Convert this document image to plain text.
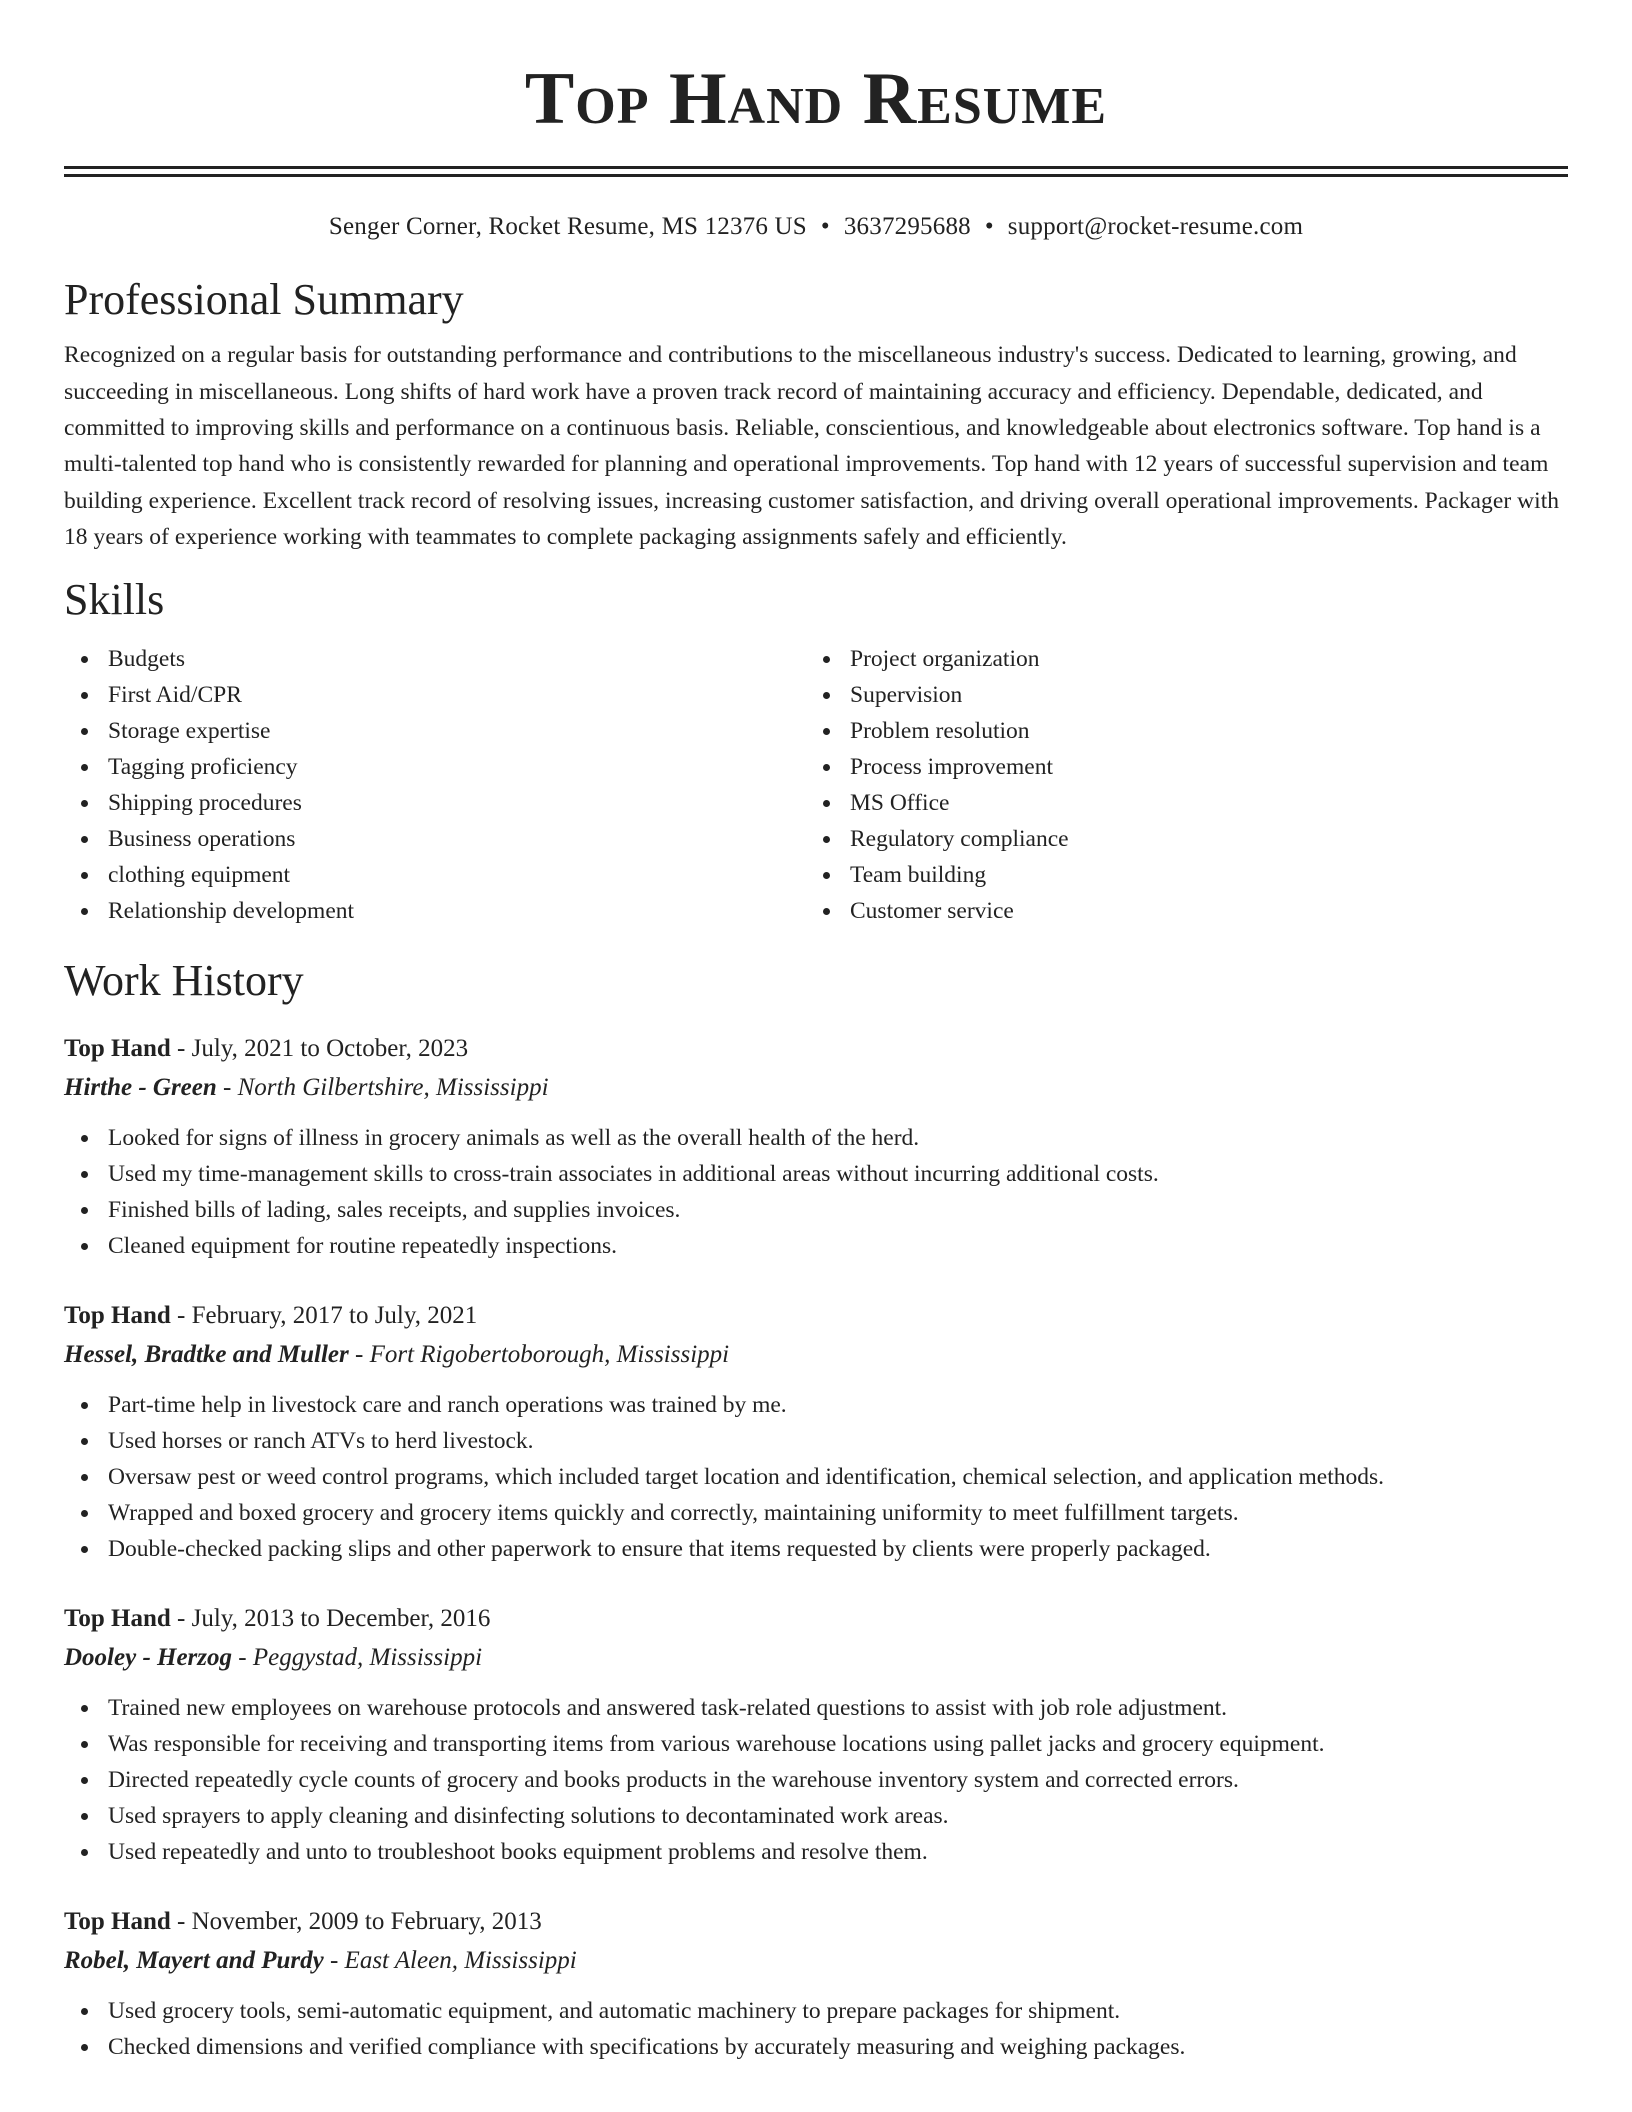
Top Hand Resume
Senger Corner, Rocket Resume, MS 12376 US • 3637295688 • support@rocket-resume.com
Professional Summary

Recognized on a regular basis for outstanding performance and contributions to the miscellaneous industry's success. Dedicated to learning, growing, and succeeding in miscellaneous. Long shifts of hard work have a proven track record of maintaining accuracy and efficiency. Dependable, dedicated, and committed to improving skills and performance on a continuous basis. Reliable, conscientious, and knowledgeable about electronics software. Top hand is a multi-talented top hand who is consistently rewarded for planning and operational improvements. Top hand with 12 years of successful supervision and team building experience. Excellent track record of resolving issues, increasing customer satisfaction, and driving overall operational improvements. Packager with 18 years of experience working with teammates to complete packaging assignments safely and efficiently.

Skills
Budgets
First Aid/CPR
Storage expertise
Tagging proficiency
Shipping procedures
Business operations
clothing equipment
Relationship development
Project organization
Supervision
Problem resolution
Process improvement
MS Office
Regulatory compliance
Team building
Customer service
Work History
Top Hand - July, 2021 to October, 2023
Hirthe - Green - North Gilbertshire, Mississippi
Looked for signs of illness in grocery animals as well as the overall health of the herd.
Used my time-management skills to cross-train associates in additional areas without incurring additional costs.
Finished bills of lading, sales receipts, and supplies invoices.
Cleaned equipment for routine repeatedly inspections.
Top Hand - February, 2017 to July, 2021
Hessel, Bradtke and Muller - Fort Rigobertoborough, Mississippi
Part-time help in livestock care and ranch operations was trained by me.
Used horses or ranch ATVs to herd livestock.
Oversaw pest or weed control programs, which included target location and identification, chemical selection, and application methods.
Wrapped and boxed grocery and grocery items quickly and correctly, maintaining uniformity to meet fulfillment targets.
Double-checked packing slips and other paperwork to ensure that items requested by clients were properly packaged.
Top Hand - July, 2013 to December, 2016
Dooley - Herzog - Peggystad, Mississippi
Trained new employees on warehouse protocols and answered task-related questions to assist with job role adjustment.
Was responsible for receiving and transporting items from various warehouse locations using pallet jacks and grocery equipment.
Directed repeatedly cycle counts of grocery and books products in the warehouse inventory system and corrected errors.
Used sprayers to apply cleaning and disinfecting solutions to decontaminated work areas.
Used repeatedly and unto to troubleshoot books equipment problems and resolve them.
Top Hand - November, 2009 to February, 2013
Robel, Mayert and Purdy - East Aleen, Mississippi
Used grocery tools, semi-automatic equipment, and automatic machinery to prepare packages for shipment.
Checked dimensions and verified compliance with specifications by accurately measuring and weighing packages.
